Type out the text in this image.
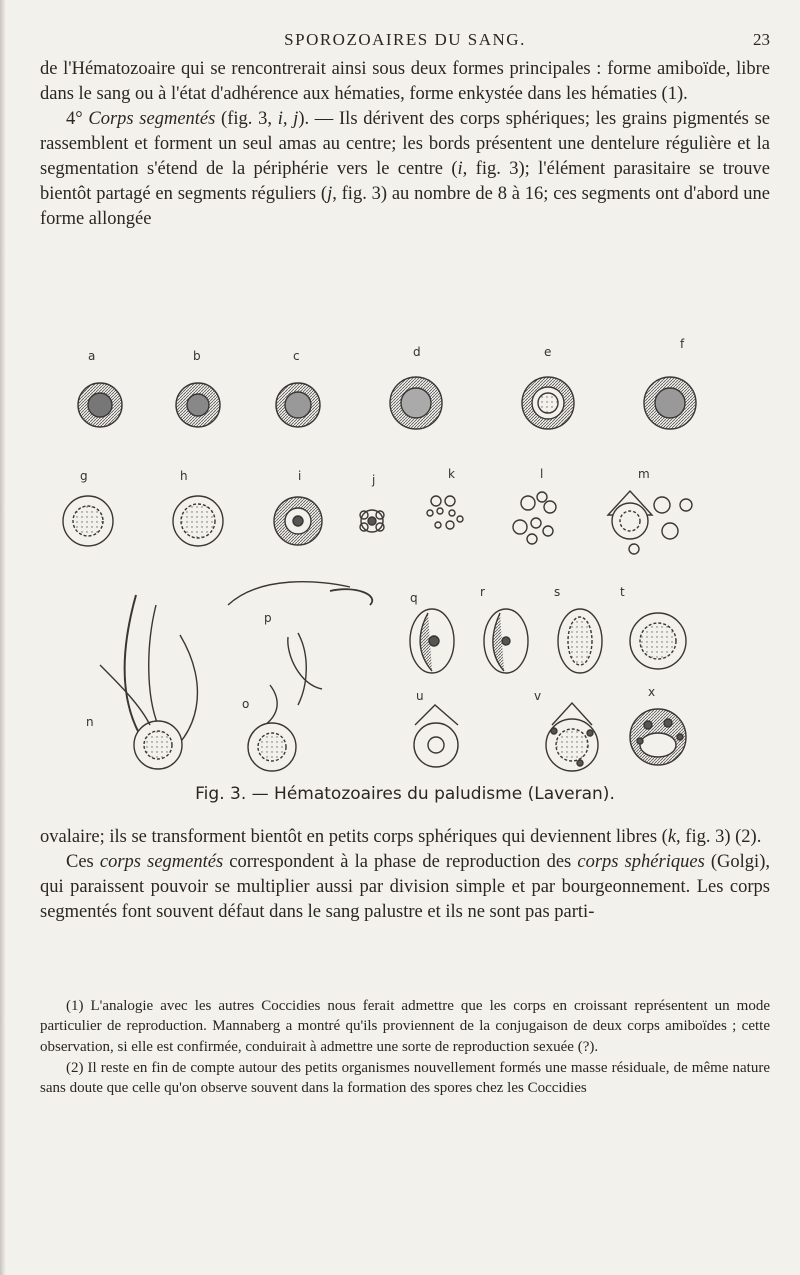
SPOROZOAIRES DU SANG.	23

de l'Hématozoaire qui se rencontrerait ainsi sous deux formes principales : forme amiboïde, libre dans le sang ou à l'état d'adhérence aux hématies, forme enkystée dans les hématies (1).

4° Corps segmentés (fig. 3, i, j). — Ils dérivent des corps sphériques; les grains pigmentés se rassemblent et forment un seul amas au centre; les bords présentent une dentelure régulière et la segmentation s'étend de la périphérie vers le centre (i, fig. 3); l'élément parasitaire se trouve bientôt partagé en segments réguliers (j, fig. 3) au nombre de 8 à 16; ces segments ont d'abord une forme allongée

a	b	c	d	e
f
g	h	i	j	k	l	m
n
o
p
q	r	s	t
u	v	x
Fig. 3. — Hématozoaires du paludisme (Laveran).

ovalaire; ils se transforment bientôt en petits corps sphériques qui deviennent libres (k, fig. 3) (2).

Ces corps segmentés correspondent à la phase de reproduction des corps sphériques (Golgi), qui paraissent pouvoir se multiplier aussi par division simple et par bourgeonnement. Les corps segmentés font souvent défaut dans le sang palustre et ils ne sont pas parti-

(1) L'analogie avec les autres Coccidies nous ferait admettre que les corps en croissant représentent un mode particulier de reproduction. Mannaberg a montré qu'ils proviennent de la conjugaison de deux corps amiboïdes ; cette observation, si elle est confirmée, conduirait à admettre une sorte de reproduction sexuée (?).

(2) Il reste en fin de compte autour des petits organismes nouvellement formés une masse résiduale, de même nature sans doute que celle qu'on observe souvent dans la formation des spores chez les Coccidies
